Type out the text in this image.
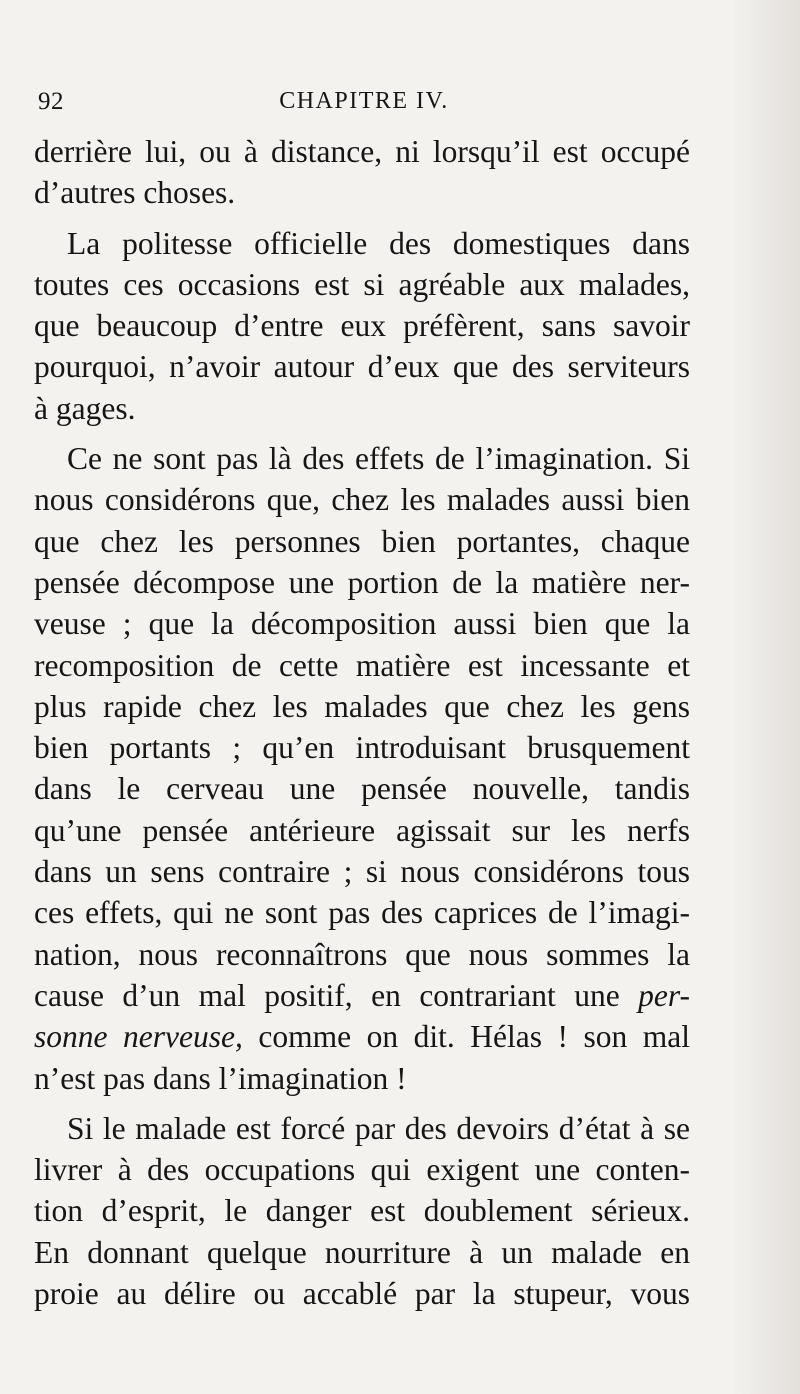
92	CHAPITRE IV.
derrière lui, ou à distance, ni lorsqu’il est occupé
d’autres choses.
La politesse officielle des domestiques dans
toutes ces occasions est si agréable aux malades,
que beaucoup d’entre eux préfèrent, sans savoir
pourquoi, n’avoir autour d’eux que des serviteurs
à gages.
Ce ne sont pas là des effets de l’imagination. Si
nous considérons que, chez les malades aussi bien
que chez les personnes bien portantes, chaque
pensée décompose une portion de la matière ner-
veuse ; que la décomposition aussi bien que la
recomposition de cette matière est incessante et
plus rapide chez les malades que chez les gens
bien portants ; qu’en introduisant brusquement
dans le cerveau une pensée nouvelle, tandis
qu’une pensée antérieure agissait sur les nerfs
dans un sens contraire ; si nous considérons tous
ces effets, qui ne sont pas des caprices de l’imagi-
nation, nous reconnaîtrons que nous sommes la
cause d’un mal positif, en contrariant une per-
sonne nerveuse, comme on dit. Hélas ! son mal
n’est pas dans l’imagination !
Si le malade est forcé par des devoirs d’état à se
livrer à des occupations qui exigent une conten-
tion d’esprit, le danger est doublement sérieux.
En donnant quelque nourriture à un malade en
proie au délire ou accablé par la stupeur, vous
